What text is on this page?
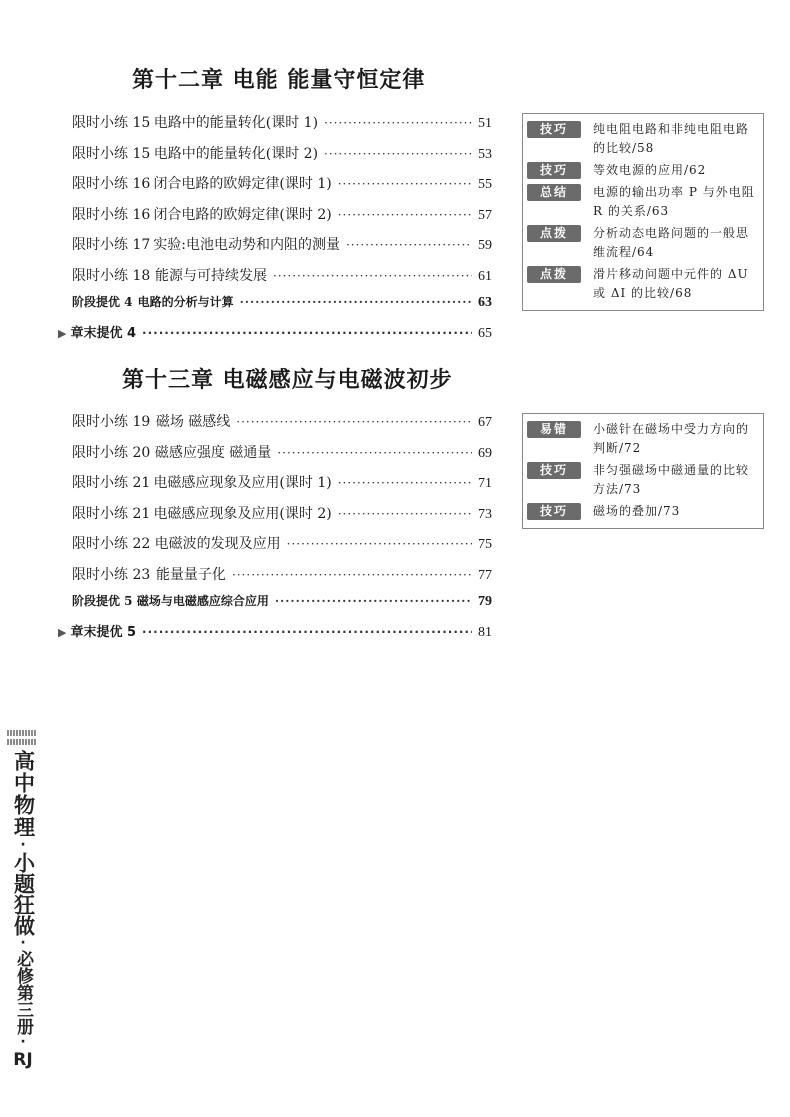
第十二章 电能 能量守恒定律
限时小练 15 电路中的能量转化(课时 1) ·····	51
限时小练 15 电路中的能量转化(课时 2) ·····	53
限时小练 16 闭合电路的欧姆定律(课时 1) ·····	55
限时小练 16 闭合电路的欧姆定律(课时 2) ·····	57
限时小练 17 实验:电池电动势和内阻的测量 ·····	59
限时小练 18 能源与可持续发展 ·····	61
阶段提优 4 电路的分析与计算 ·····	63
▶ 章末提优 4 ·····	65
技巧	纯电阻电路和非纯电阻电路的比较/58
技巧	等效电源的应用/62
总结	电源的输出功率 P 与外电阻 R 的关系/63
点拨	分析动态电路问题的一般思维流程/64
点拨	滑片移动问题中元件的 ΔU 或 ΔI 的比较/68
第十三章 电磁感应与电磁波初步
限时小练 19 磁场 磁感线 ·····	67
限时小练 20 磁感应强度 磁通量 ·····	69
限时小练 21 电磁感应现象及应用(课时 1) ·····	71
限时小练 21 电磁感应现象及应用(课时 2) ·····	73
限时小练 22 电磁波的发现及应用 ·····	75
限时小练 23 能量量子化 ·····	77
阶段提优 5 磁场与电磁感应综合应用 ·····	79
▶ 章末提优 5 ·····	81
易错	小磁针在磁场中受力方向的判断/72
技巧	非匀强磁场中磁通量的比较方法/73
技巧	磁场的叠加/73
高中物理
·
小题狂做
·
必修第三册
·
RJ
